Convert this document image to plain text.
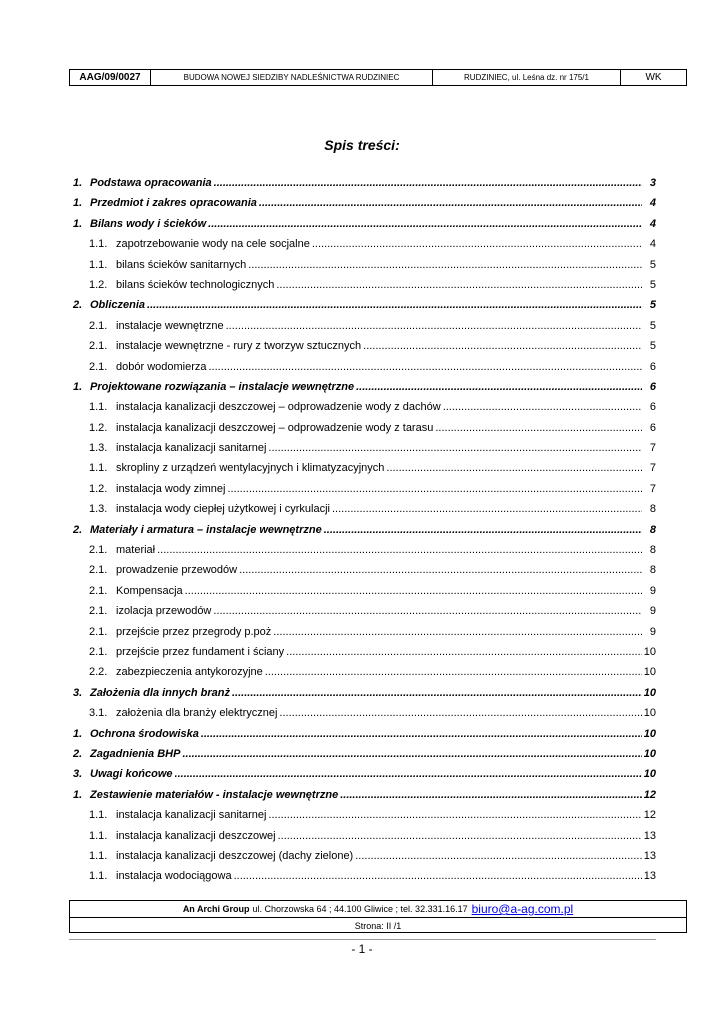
AAG/09/0027	BUDOWA NOWEJ SIEDZIBY NADLEŚNICTWA RUDZINIEC	RUDZINIEC, ul. Leśna dz. nr 175/1	WK
Spis treści:
1. Podstawa opracowania .....	3
1. Przedmiot i zakres opracowania .....	4
1. Bilans wody i ścieków .....	4
1.1. zapotrzebowanie wody na cele socjalne .....	4
1.1. bilans ścieków sanitarnych .....	5
1.2. bilans ścieków technologicznych .....	5
2. Obliczenia .....	5
2.1. instalacje wewnętrzne .....	5
2.1. instalacje wewnętrzne - rury z tworzyw sztucznych .....	5
2.1. dobór wodomierza .....	6
1. Projektowane rozwiązania – instalacje wewnętrzne .....	6
1.1. instalacja kanalizacji deszczowej – odprowadzenie wody z dachów .....	6
1.2. instalacja kanalizacji deszczowej – odprowadzenie wody z tarasu .....	6
1.3. instalacja kanalizacji sanitarnej .....	7
1.1. skropliny z urządzeń wentylacyjnych i klimatyzacyjnych .....	7
1.2. instalacja wody zimnej .....	7
1.3. instalacja wody ciepłej użytkowej i cyrkulacji .....	8
2. Materiały i armatura – instalacje wewnętrzne .....	8
2.1. materiał .....	8
2.1. prowadzenie przewodów .....	8
2.1. Kompensacja .....	9
2.1. izolacja przewodów .....	9
2.1. przejście przez przegrody p.poż .....	9
2.1. przejście przez fundament i ściany .....	10
2.2. zabezpieczenia antykorozyjne .....	10
3. Założenia dla innych branż .....	10
3.1. założenia dla branży elektrycznej .....	10
1. Ochrona środowiska .....	10
2. Zagadnienia BHP .....	10
3. Uwagi końcowe .....	10
1. Zestawienie materiałów - instalacje wewnętrzne .....	12
1.1. instalacja kanalizacji sanitarnej .....	12
1.1. instalacja kanalizacji deszczowej .....	13
1.1. instalacja kanalizacji deszczowej (dachy zielone) .....	13
1.1. instalacja wodociągowa .....	13
An Archi Group ul. Chorzowska 64 ; 44.100 Gliwice ; tel. 32.331.16.17 biuro@a-ag.com.pl
Strona: II /1
- 1 -
